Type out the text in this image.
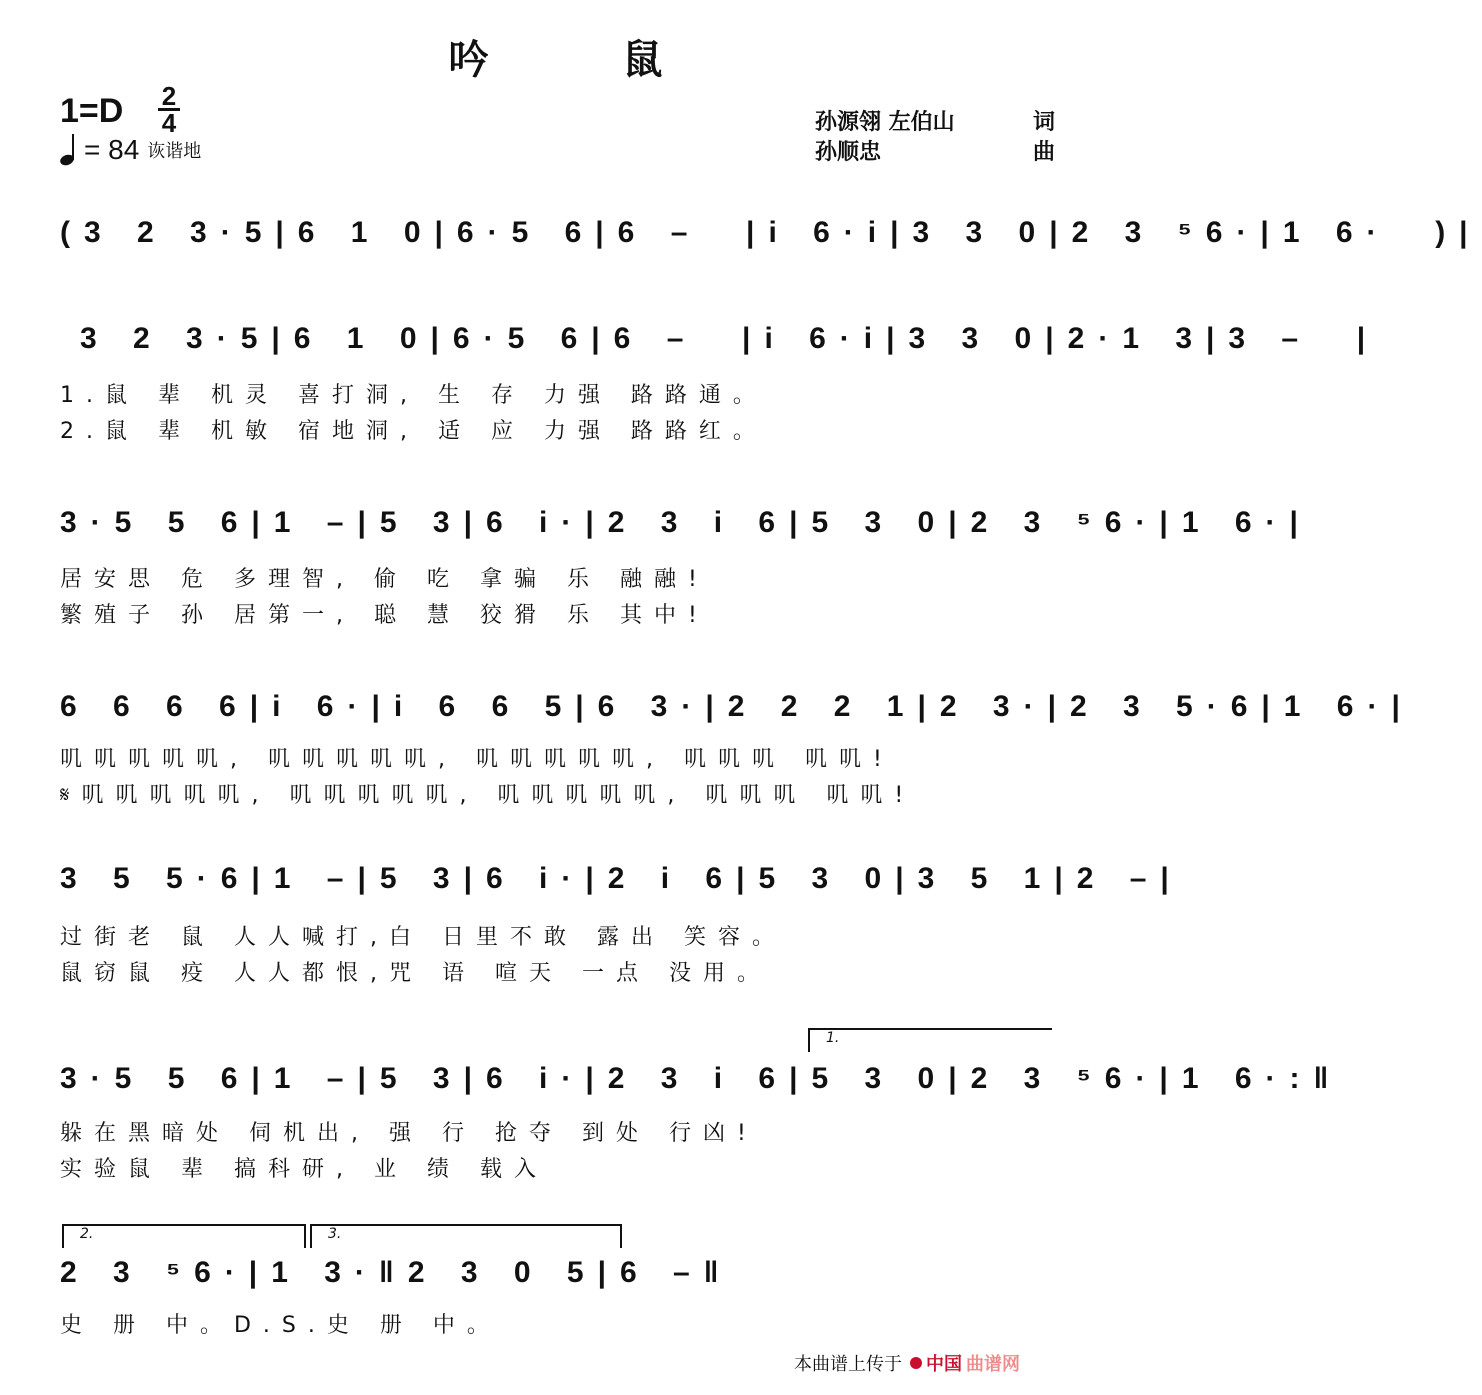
吟 鼠
1=D 2
4
= 84 诙谐地
孙源翎 左伯山	词
孙顺忠	曲
(3 2 3·5|6 1 0|6·5 6|6 –  |i 6·i|3 3 0|2 3 ⁵6·|1 6·  )|
3 2 3·5|6 1 0|6·5 6|6 –  |i 6·i|3 3 0|2·1 3|3 –  |
1.鼠 辈 机灵 喜打洞, 生 存 力强 路路通。
2.鼠 辈 机敏 宿地洞, 适 应 力强 路路红。
3·5 5 6|1 –|5 3|6 i·|2 3 i 6|5 3 0|2 3 ⁵6·|1 6·|
居安思 危 多理智, 偷 吃 拿骗 乐 融融!
繁殖子 孙 居第一, 聪 慧 狡猾 乐 其中!
6 6 6 6|i 6·|i 6 6 5|6 3·|2 2 2 1|2 3·|2 3 5·6|1 6·|
叽叽叽叽叽, 叽叽叽叽叽, 叽叽叽叽叽, 叽叽叽 叽叽!
𝄋叽叽叽叽叽, 叽叽叽叽叽, 叽叽叽叽叽, 叽叽叽 叽叽!
3 5 5·6|1 –|5 3|6 i·|2 i 6|5 3 0|3 5 1|2 –|
过街老 鼠 人人喊打,白 日里不敢 露出 笑容。
鼠窃鼠 疫 人人都恨,咒 语 喧天 一点 没用。
1.
3·5 5 6|1 –|5 3|6 i·|2 3 i 6|5 3 0|2 3 ⁵6·|1 6·:‖
躲在黑暗处 伺机出, 强 行 抢夺 到处 行凶!
实验鼠 辈 搞科研, 业 绩 载入
2.	3.
2 3 ⁵6·|1 3·‖2 3 0 5|6 –‖
史 册 中。D.S.史 册 中。
本曲谱上传于 中国 曲谱网
